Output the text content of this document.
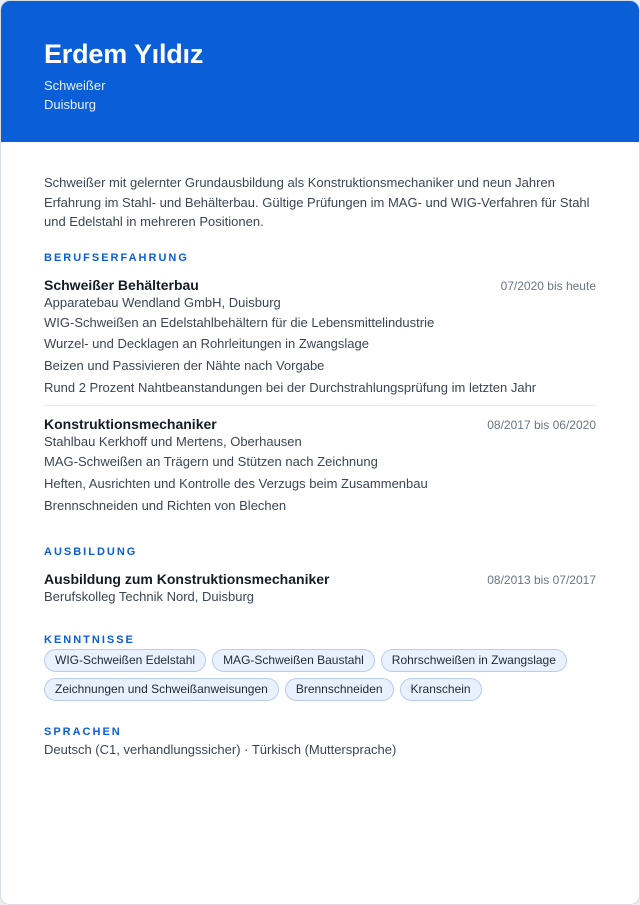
Erdem Yıldız
Schweißer
Duisburg

Schweißer mit gelernter Grundausbildung als Konstruktionsmechaniker und neun Jahren Erfahrung im Stahl- und Behälterbau. Gültige Prüfungen im MAG- und WIG-Verfahren für Stahl und Edelstahl in mehreren Positionen.

BERUFSERFAHRUNG
Schweißer Behälterbau	07/2020 bis heute
Apparatebau Wendland GmbH, Duisburg
WIG-Schweißen an Edelstahlbehältern für die Lebensmittelindustrie
Wurzel- und Decklagen an Rohrleitungen in Zwangslage
Beizen und Passivieren der Nähte nach Vorgabe
Rund 2 Prozent Nahtbeanstandungen bei der Durchstrahlungsprüfung im letzten Jahr
Konstruktionsmechaniker	08/2017 bis 06/2020
Stahlbau Kerkhoff und Mertens, Oberhausen
MAG-Schweißen an Trägern und Stützen nach Zeichnung
Heften, Ausrichten und Kontrolle des Verzugs beim Zusammenbau
Brennschneiden und Richten von Blechen
AUSBILDUNG
Ausbildung zum Konstruktionsmechaniker	08/2013 bis 07/2017
Berufskolleg Technik Nord, Duisburg
KENNTNISSE
WIG-Schweißen Edelstahl	MAG-Schweißen Baustahl	Rohrschweißen in Zwangslage
Zeichnungen und Schweißanweisungen	Brennschneiden	Kranschein
SPRACHEN
Deutsch (C1, verhandlungssicher) · Türkisch (Muttersprache)
